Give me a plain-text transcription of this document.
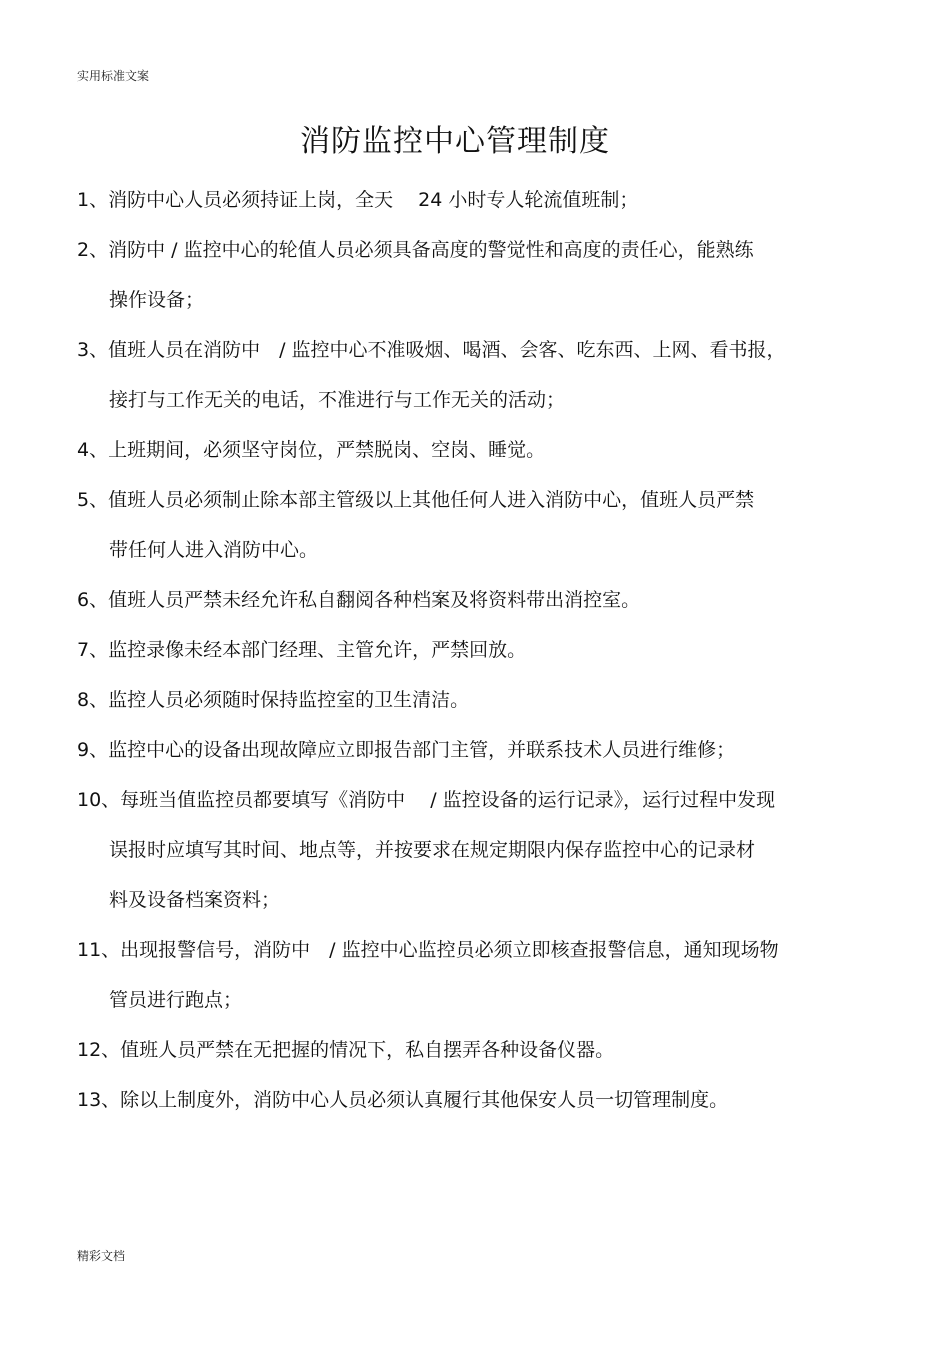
实用标准文案
消防监控中心管理制度
1、消防中心人员必须持证上岗，全天　 24 小时专人轮流值班制；
2、消防中 / 监控中心的轮值人员必须具备高度的警觉性和高度的责任心，能熟练
操作设备；
3、值班人员在消防中　/ 监控中心不准吸烟、喝酒、会客、吃东西、上网、看书报，
接打与工作无关的电话，不准进行与工作无关的活动；
4、上班期间，必须坚守岗位，严禁脱岗、空岗、睡觉。
5、值班人员必须制止除本部主管级以上其他任何人进入消防中心，值班人员严禁
带任何人进入消防中心。
6、值班人员严禁未经允许私自翻阅各种档案及将资料带出消控室。
7、监控录像未经本部门经理、主管允许，严禁回放。
8、监控人员必须随时保持监控室的卫生清洁。
9、监控中心的设备出现故障应立即报告部门主管，并联系技术人员进行维修；
10、每班当值监控员都要填写《消防中　 / 监控设备的运行记录》，运行过程中发现
误报时应填写其时间、地点等，并按要求在规定期限内保存监控中心的记录材
料及设备档案资料；
11、出现报警信号，消防中　/ 监控中心监控员必须立即核查报警信息，通知现场物
管员进行跑点；
12、值班人员严禁在无把握的情况下，私自摆弄各种设备仪器。
13、除以上制度外，消防中心人员必须认真履行其他保安人员一切管理制度。
精彩文档
